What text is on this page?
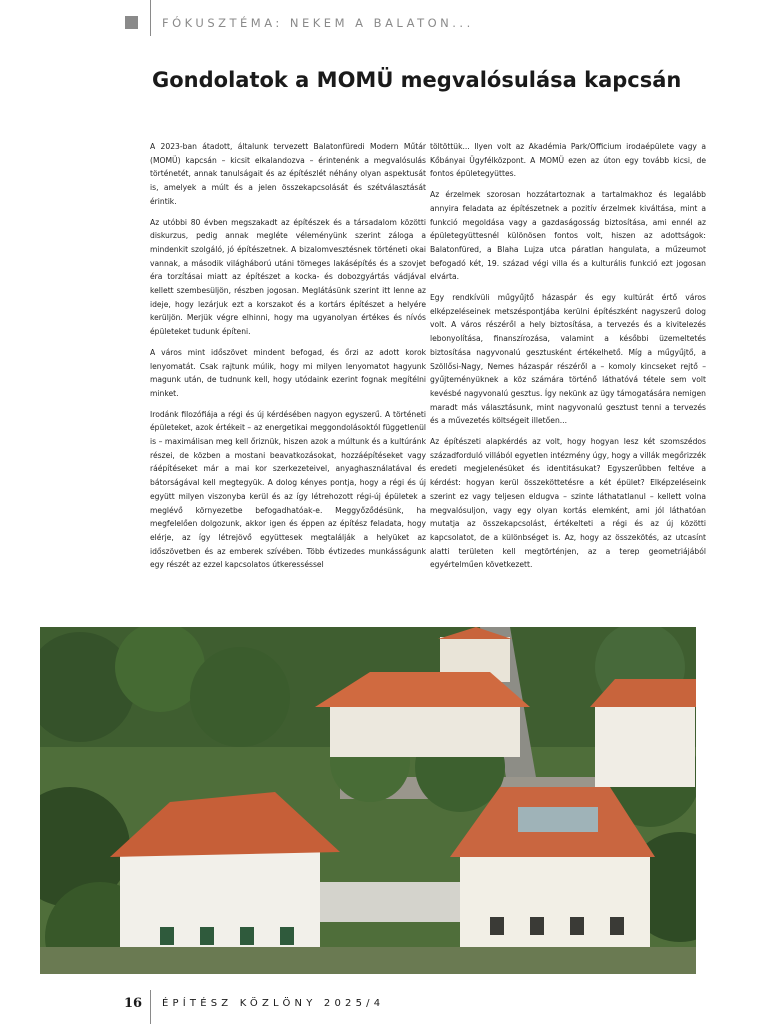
FÓKUSZTÉMA: NEKEM A BALATON...
Gondolatok a MOMÜ megvalósulása kapcsán

A 2023-ban átadott, általunk tervezett Balatonfüredi Modern Műtár (MOMÜ) kapcsán – kicsit elkalandozva – érintenénk a megvalósulás történetét, annak tanulságait és az építészlét néhány olyan aspektusát is, amelyek a múlt és a jelen összekapcsolását és szétválasztását érintik.

Az utóbbi 80 évben megszakadt az építészek és a társadalom közötti diskurzus, pedig annak megléte véleményünk szerint záloga a mindenkit szolgáló, jó építészetnek. A bizalomvesztésnek történeti okai vannak, a második világháború utáni tömeges lakásépítés és a szovjet éra torzításai miatt az építészet a kocka- és dobozgyártás vádjával kellett szembesüljön, részben jogosan. Meglátásünk szerint itt lenne az ideje, hogy lezárjuk ezt a korszakot és a kortárs építészet a helyére kerüljön. Merjük végre elhinni, hogy ma ugyanolyan értékes és nívós épületeket tudunk építeni.

A város mint időszövet mindent befogad, és őrzi az adott korok lenyomatát. Csak rajtunk múlik, hogy mi milyen lenyomatot hagyunk magunk után, de tudnunk kell, hogy utódaink ezerint fognak megítélni minket.

Irodánk filozófiája a régi és új kérdésében nagyon egyszerű. A történeti épületeket, azok értékeit – az energetikai meggondolásoktól függetlenül is – maximálisan meg kell őriznük, hiszen azok a múltunk és a kultúránk részei, de közben a mostani beavatkozásokat, hozzáépítéseket vagy ráépítéseket már a mai kor szerkezeteivel, anyaghasználatával és bátorságával kell megtegyük. A dolog kényes pontja, hogy a régi és új együtt milyen viszonyba kerül és az így létrehozott régi-új épületek a meglévő környezetbe befogadhatóak-e. Meggyőződésünk, ha megfelelően dolgozunk, akkor igen és éppen az építész feladata, hogy elérje, az így létrejövő együttesek megtalálják a helyüket az időszövetben és az emberek szívében. Több évtizedes munkásságunk egy részét az ezzel kapcsolatos útkeresséssel

töltöttük... Ilyen volt az Akadémia Park/Officium irodaépülete vagy a Kőbányai Ügyfélközpont. A MOMÜ ezen az úton egy tovább kicsi, de fontos épületegyüttes.

Az érzelmek szorosan hozzátartoznak a tartalmakhoz és legalább annyira feladata az építészetnek a pozitív érzelmek kiváltása, mint a funkció megoldása vagy a gazdaságosság biztosítása, ami ennél az épületegyüttesnél különösen fontos volt, hiszen az adottságok: Balatonfüred, a Blaha Lujza utca páratlan hangulata, a műzeumot befogadó két, 19. század végi villa és a kulturális funkció ezt jogosan elvárta.

Egy rendkívüli műgyűjtő házaspár és egy kultúrát értő város elképzeléseinek metszéspontjába kerülni építészként nagyszerű dolog volt. A város részéről a hely biztosítása, a tervezés és a kivitelezés lebonyolítása, finanszírozása, valamint a későbbi üzemeltetés biztosítása nagyvonalú gesztusként értékelhető. Míg a műgyűjtő, a Szöllősi-Nagy, Nemes házaspár részéről a – komoly kincseket rejtő – gyűjteményüknek a köz számára történő láthatóvá tétele sem volt kevésbé nagyvonalú gesztus. Így nekünk az ügy támogatására nemigen maradt más választásunk, mint nagyvonalú gesztust tenni a tervezés és a művezetés költségeit illetően...

Az építészeti alapkérdés az volt, hogy hogyan lesz két szomszédos századforduló villából egyetlen intézmény úgy, hogy a villák megőrizzék eredeti megjelenésüket és identitásukat? Egyszerűbben feltéve a kérdést: hogyan kerül összeköttetésre a két épület? Elképzeléseink szerint ez vagy teljesen eldugva – szinte láthatatlanul – kellett volna megvalósuljon, vagy egy olyan kortás elemként, ami jól láthatóan mutatja az összekapcsolást, értékelteti a régi és az új közötti kapcsolatot, de a különbséget is. Az, hogy az összekötés, az utcasínt alatti területen kell megtörténjen, az a terep geometriájából egyértelműen következett.

16 ÉPÍTÉSZ KÖZLÖNY 2025/4
